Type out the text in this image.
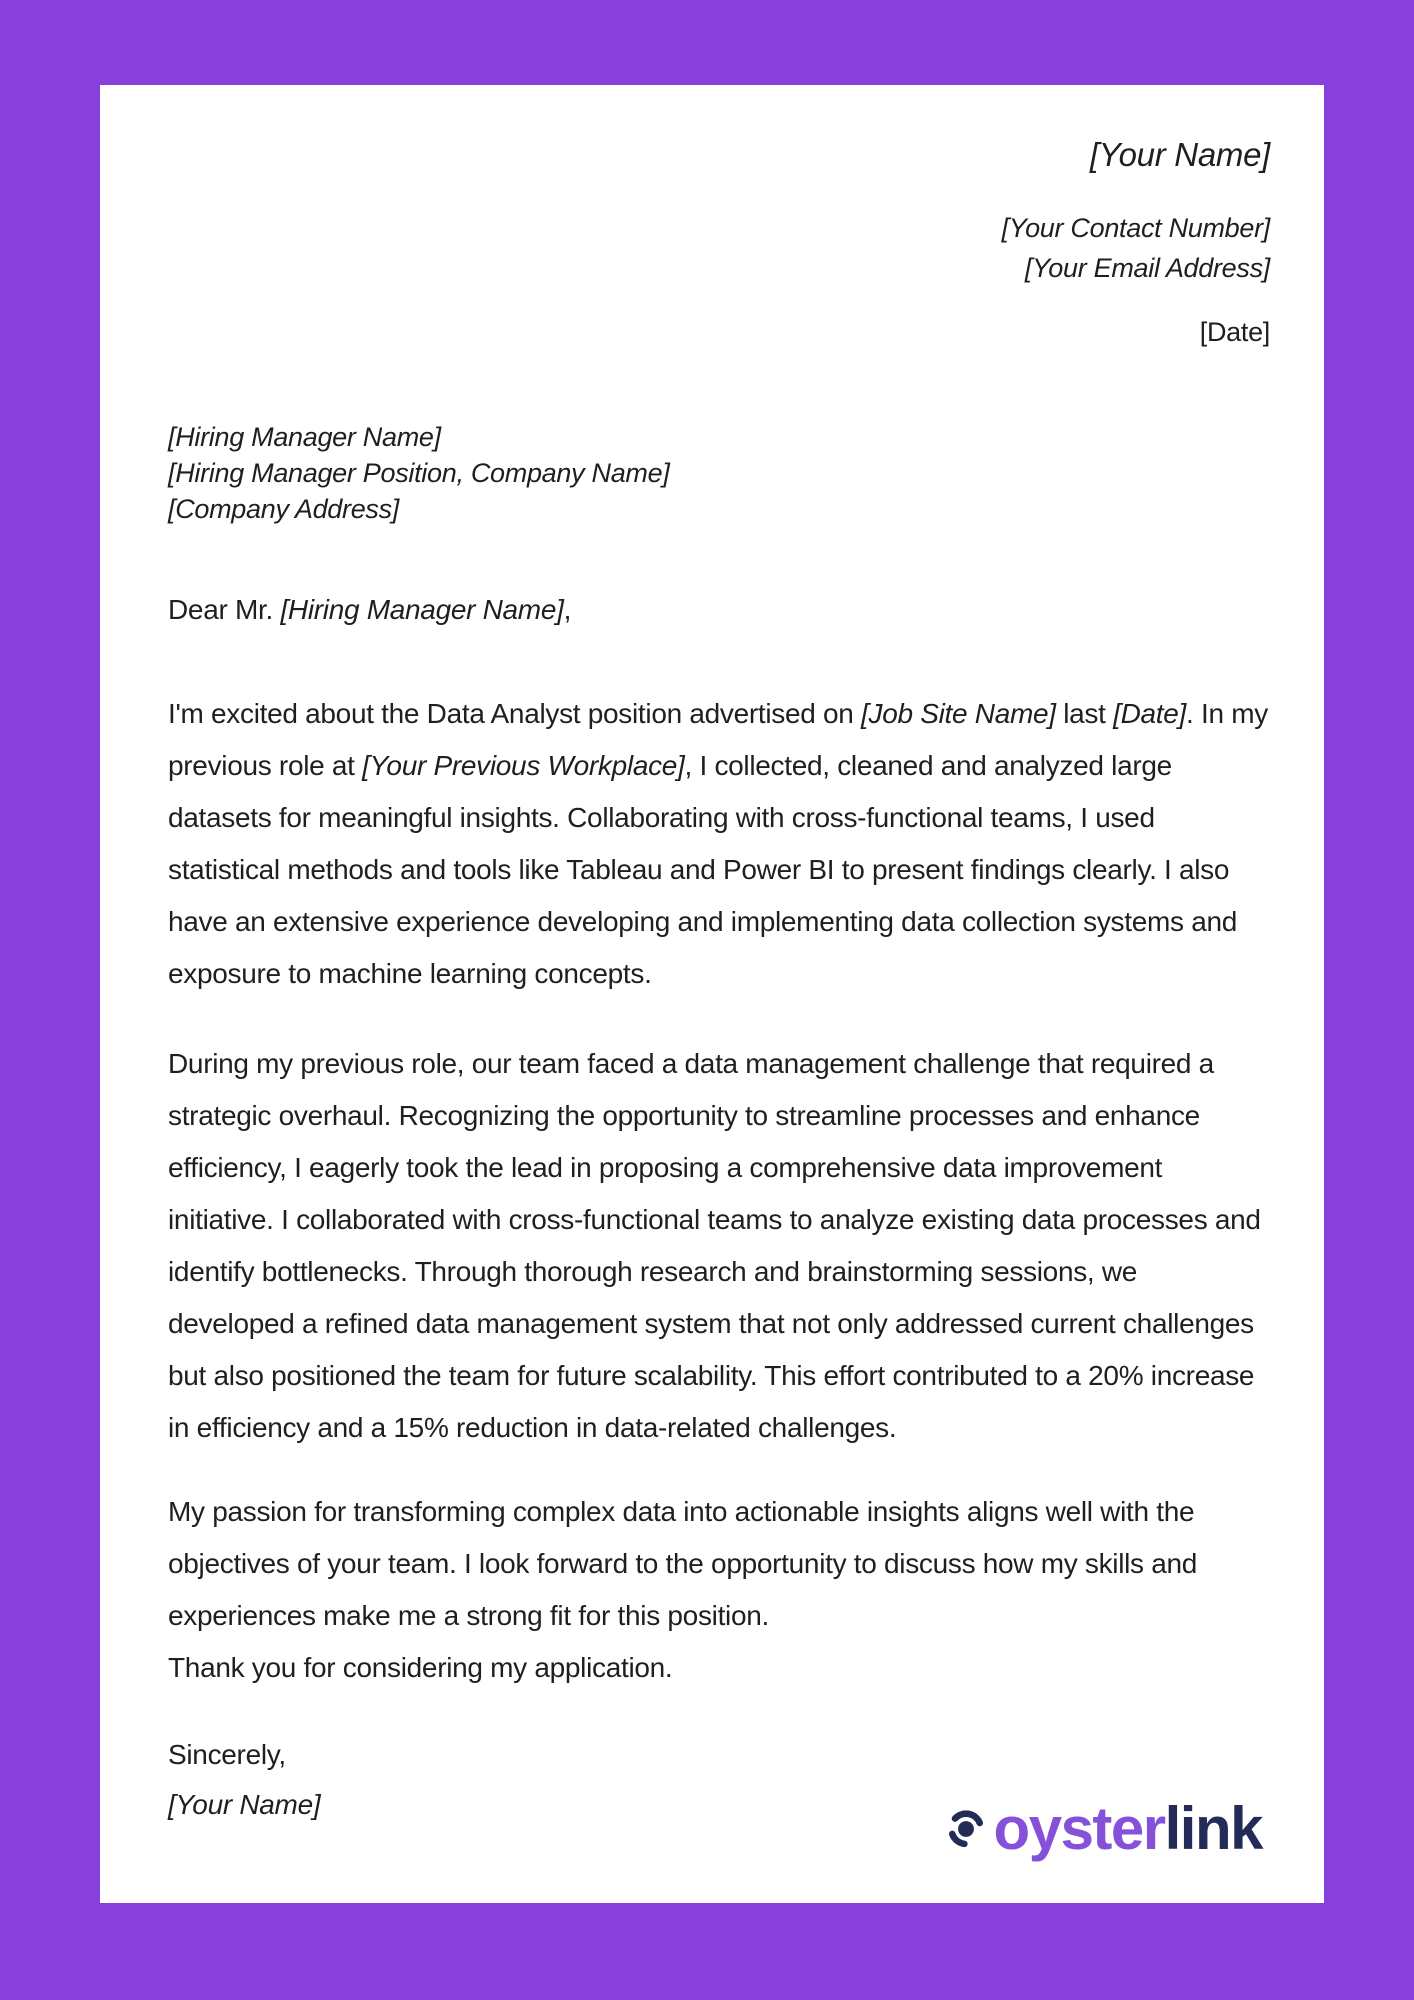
[Your Name]
[Your Contact Number]
[Your Email Address]
[Date]
[Hiring Manager Name]
[Hiring Manager Position, Company Name]
[Company Address]
Dear Mr. [Hiring Manager Name],
I'm excited about the Data Analyst position advertised on [Job Site Name] last [Date]. In my previous role at [Your Previous Workplace], I collected, cleaned and analyzed large datasets for meaningful insights. Collaborating with cross-functional teams, I used statistical methods and tools like Tableau and Power BI to present findings clearly. I also have an extensive experience developing and implementing data collection systems and exposure to machine learning concepts.
During my previous role, our team faced a data management challenge that required a strategic overhaul. Recognizing the opportunity to streamline processes and enhance efficiency, I eagerly took the lead in proposing a comprehensive data improvement initiative. I collaborated with cross-functional teams to analyze existing data processes and identify bottlenecks. Through thorough research and brainstorming sessions, we developed a refined data management system that not only addressed current challenges but also positioned the team for future scalability. This effort contributed to a 20% increase in efficiency and a 15% reduction in data-related challenges.
My passion for transforming complex data into actionable insights aligns well with the objectives of your team. I look forward to the opportunity to discuss how my skills and experiences make me a strong fit for this position.
Thank you for considering my application.
Sincerely,
[Your Name]	oysterlink
